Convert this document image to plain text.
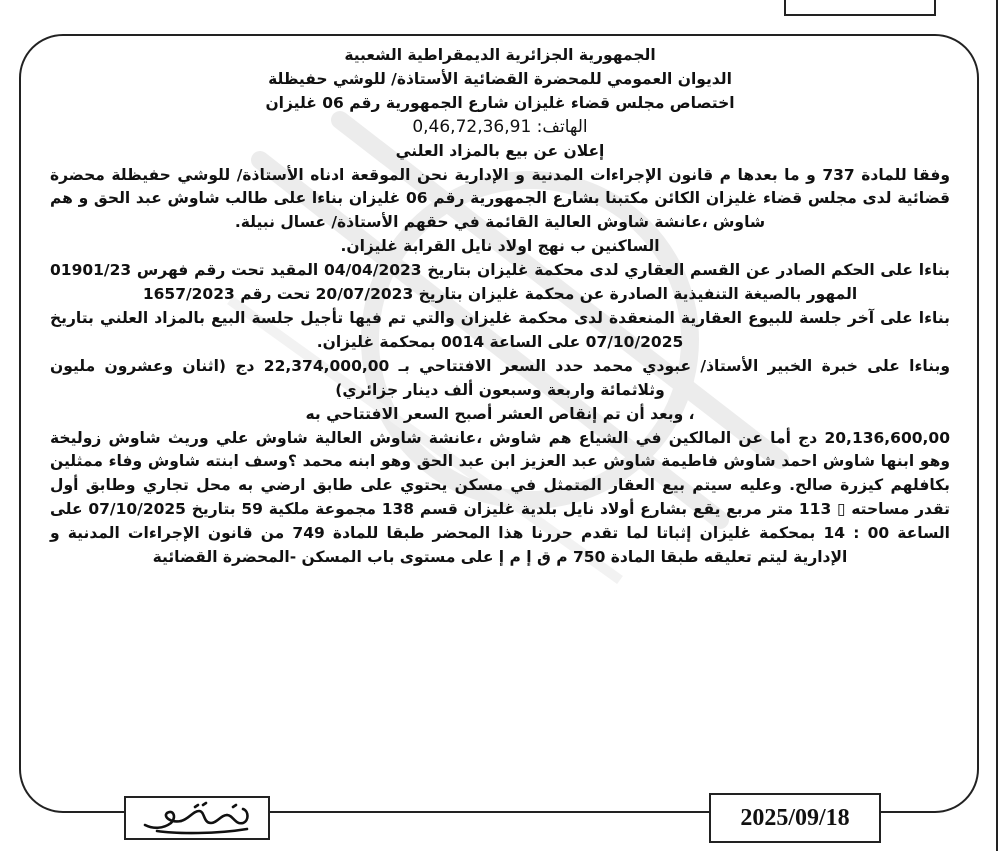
الجمهورية الجزائرية الديمقراطية الشعبية
الديوان العمومي للمحضرة القضائية الأستاذة/ للوشي حفيظلة
اختصاص مجلس قضاء غليزان شارع الجمهورية رقم 06 غليزان
الهاتف: 0,46,72,36,91
إعلان عن بيع بالمزاد العلني
وفقا للمادة 737 و ما بعدها م قانون الإجراءات المدنية و الإدارية نحن الموقعة ادناه الأستاذة/ للوشي حفيظلة محضرة قضائية لدى مجلس قضاء غليزان الكائن مكتبنا بشارع الجمهورية رقم 06 غليزان بناءا على طالب شاوش عبد الحق و هم شاوش ،عانشة شاوش العالية القائمة في حقهم الأستاذة/ عسال نبيلة.
الساكنين ب نهج اولاد نايل القرابة غليزان.
بناءا على الحكم الصادر عن القسم العقاري لدى محكمة غليزان بتاريخ 04/04/2023 المقيد تحت رقم فهرس 01901/23 المهور بالصيغة التنفيذية الصادرة عن محكمة غليزان بتاريخ 20/07/2023 تحت رقم 1657/2023
بناءا على آخر جلسة للبيوع العقارية المنعقدة لدى محكمة غليزان والتي تم فيها تأجيل جلسة البيع بالمزاد العلني بتاريخ 07/10/2025 على الساعة 0014 بمحكمة غليزان.
وبناءا على خبرة الخبير الأستاذ/ عبودي محمد حدد السعر الافتتاحي بـ 22,374,000,00 دج (اثنان وعشرون مليون وثلاثمائة واربعة وسبعون ألف دينار جزائري)
، وبعد أن تم إنقاص العشر أصبح السعر الافتتاحي به
20,136,600,00 دج أما عن المالكين في الشياع هم شاوش ،عانشة شاوش العالية شاوش علي وريث شاوش زوليخة وهو ابنها شاوش احمد شاوش فاطيمة شاوش عبد العزيز ابن عبد الحق وهو ابنه محمد ؟وسف ابنته شاوش وفاء ممثلين بكافلهم كيزرة صالح. وعليه سيتم بيع العقار المتمثل في مسكن يحتوي على طابق ارضي به محل تجاري وطابق أول تقدر مساحته ▯ 113 متر مربع يقع بشارع أولاد نايل بلدية غليزان قسم 138 مجموعة ملكية 59 بتاريخ 07/10/2025 على الساعة 00 : 14 بمحكمة غليزان إثباتا لما تقدم حررنا هذا المحضر طبقا للمادة 749 من قانون الإجراءات المدنية و الإدارية ليتم تعليقه طبقا المادة 750 م ق إ م إ على مستوى باب المسكن -المحضرة القضائية
2025/09/18
